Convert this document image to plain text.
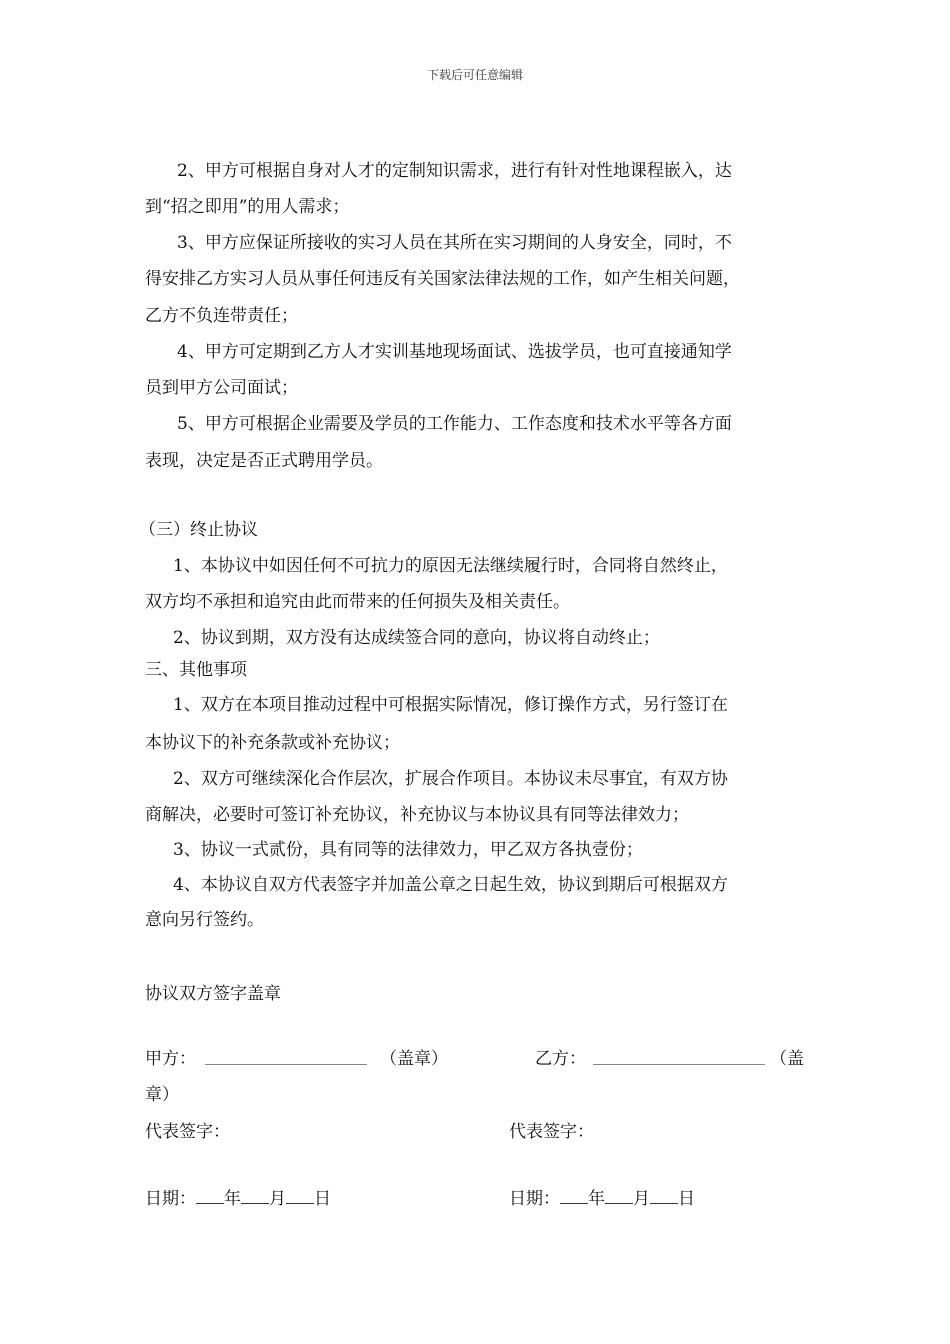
下载后可任意编辑
2、甲方可根据自身对人才的定制知识需求，进行有针对性地课程嵌入，达
到“招之即用”的用人需求；
3、甲方应保证所接收的实习人员在其所在实习期间的人身安全，同时，不
得安排乙方实习人员从事任何违反有关国家法律法规的工作，如产生相关问题，
乙方不负连带责任；
4、甲方可定期到乙方人才实训基地现场面试、选拔学员，也可直接通知学
员到甲方公司面试；
5、甲方可根据企业需要及学员的工作能力、工作态度和技术水平等各方面
表现，决定是否正式聘用学员。
（三）终止协议
1、本协议中如因任何不可抗力的原因无法继续履行时，合同将自然终止，
双方均不承担和追究由此而带来的任何损失及相关责任。
2、协议到期，双方没有达成续签合同的意向，协议将自动终止；
三、其他事项
1、双方在本项目推动过程中可根据实际情况，修订操作方式，另行签订在
本协议下的补充条款或补充协议；
2、双方可继续深化合作层次，扩展合作项目。本协议未尽事宜，有双方协
商解决，必要时可签订补充协议，补充协议与本协议具有同等法律效力；
3、协议一式贰份，具有同等的法律效力，甲乙双方各执壹份；
4、本协议自双方代表签字并加盖公章之日起生效，协议到期后可根据双方
意向另行签约。
协议双方签字盖章
甲方：	（盖章）	乙方：	（盖
章）
代表签字：	代表签字：
日期： 年 月 日	日期： 年 月 日
